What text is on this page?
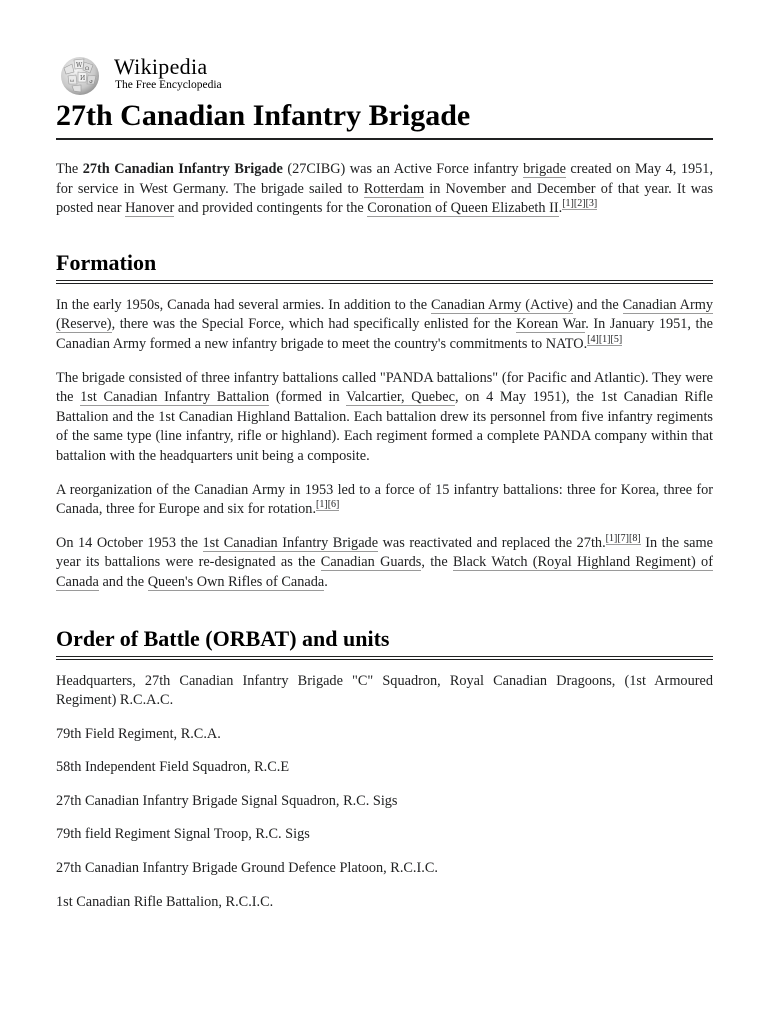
W Ω
И
ω	ي
Wikipedia
The Free Encyclopedia
27th Canadian Infantry Brigade

The 27th Canadian Infantry Brigade (27CIBG) was an Active Force infantry brigade created on May 4, 1951, for service in West Germany. The brigade sailed to Rotterdam in November and December of that year. It was posted near Hanover and provided contingents for the Coronation of Queen Elizabeth II.[1][2][3]

Formation

In the early 1950s, Canada had several armies. In addition to the Canadian Army (Active) and the Canadian Army (Reserve), there was the Special Force, which had specifically enlisted for the Korean War. In January 1951, the Canadian Army formed a new infantry brigade to meet the country's commitments to NATO.[4][1][5]

The brigade consisted of three infantry battalions called "PANDA battalions" (for Pacific and Atlantic). They were the 1st Canadian Infantry Battalion (formed in Valcartier, Quebec, on 4 May 1951), the 1st Canadian Rifle Battalion and the 1st Canadian Highland Battalion. Each battalion drew its personnel from five infantry regiments of the same type (line infantry, rifle or highland). Each regiment formed a complete PANDA company within that battalion with the headquarters unit being a composite.

A reorganization of the Canadian Army in 1953 led to a force of 15 infantry battalions: three for Korea, three for Canada, three for Europe and six for rotation.[1][6]

On 14 October 1953 the 1st Canadian Infantry Brigade was reactivated and replaced the 27th.[1][7][8] In the same year its battalions were re-designated as the Canadian Guards, the Black Watch (Royal Highland Regiment) of Canada and the Queen's Own Rifles of Canada.

Order of Battle (ORBAT) and units

Headquarters, 27th Canadian Infantry Brigade "C" Squadron, Royal Canadian Dragoons, (1st Armoured Regiment) R.C.A.C.

79th Field Regiment, R.C.A.

58th Independent Field Squadron, R.C.E

27th Canadian Infantry Brigade Signal Squadron, R.C. Sigs

79th field Regiment Signal Troop, R.C. Sigs

27th Canadian Infantry Brigade Ground Defence Platoon, R.C.I.C.

1st Canadian Rifle Battalion, R.C.I.C.
